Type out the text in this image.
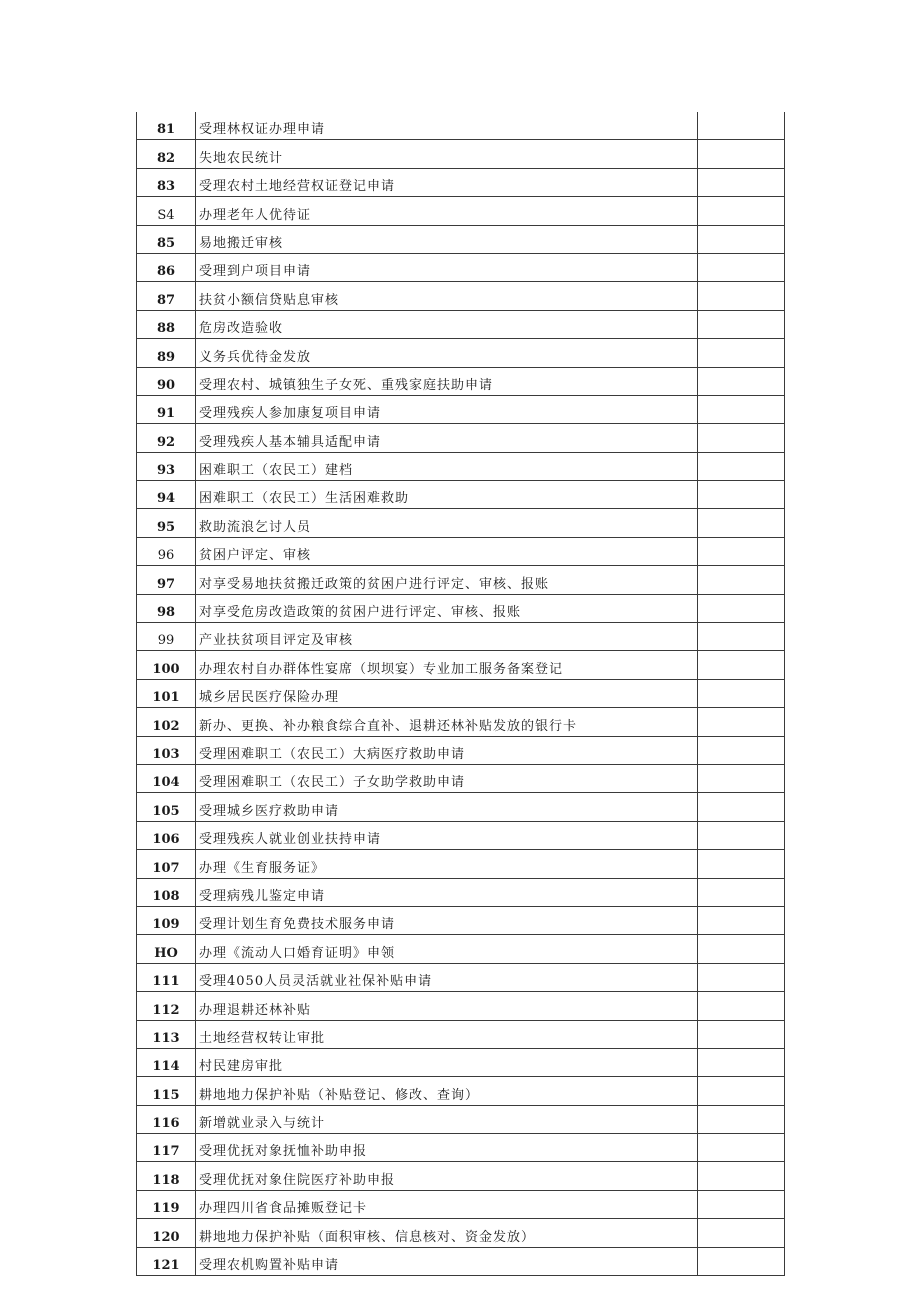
81	受理林权证办理申请	
82	失地农民统计	
83	受理农村土地经营权证登记申请	
S4	办理老年人优待证	
85	易地搬迁审核	
86	受理到户项目申请	
87	扶贫小额信贷贴息审核	
88	危房改造验收	
89	义务兵优待金发放	
90	受理农村、城镇独生子女死、重残家庭扶助申请	
91	受理残疾人参加康复项目申请	
92	受理残疾人基本辅具适配申请	
93	困难职工（农民工）建档	
94	困难职工（农民工）生活困难救助	
95	救助流浪乞讨人员	
96	贫困户评定、审核	
97	对享受易地扶贫搬迁政策的贫困户进行评定、审核、报账	
98	对享受危房改造政策的贫困户进行评定、审核、报账	
99	产业扶贫项目评定及审核	
100	办理农村自办群体性宴席（坝坝宴）专业加工服务备案登记	
101	城乡居民医疗保险办理	
102	新办、更换、补办粮食综合直补、退耕还林补贴发放的银行卡	
103	受理困难职工（农民工）大病医疗救助申请	
104	受理困难职工（农民工）子女助学救助申请	
105	受理城乡医疗救助申请	
106	受理残疾人就业创业扶持申请	
107	办理《生育服务证》	
108	受理病残儿鉴定申请	
109	受理计划生育免费技术服务申请	
HO	办理《流动人口婚育证明》申领	
111	受理4050人员灵活就业社保补贴申请	
112	办理退耕还林补贴	
113	土地经营权转让审批	
114	村民建房审批	
115	耕地地力保护补贴（补贴登记、修改、查询）	
116	新增就业录入与统计	
117	受理优抚对象抚恤补助申报	
118	受理优抚对象住院医疗补助申报	
119	办理四川省食品摊贩登记卡	
120	耕地地力保护补贴（面积审核、信息核对、资金发放）	
121	受理农机购置补贴申请	
